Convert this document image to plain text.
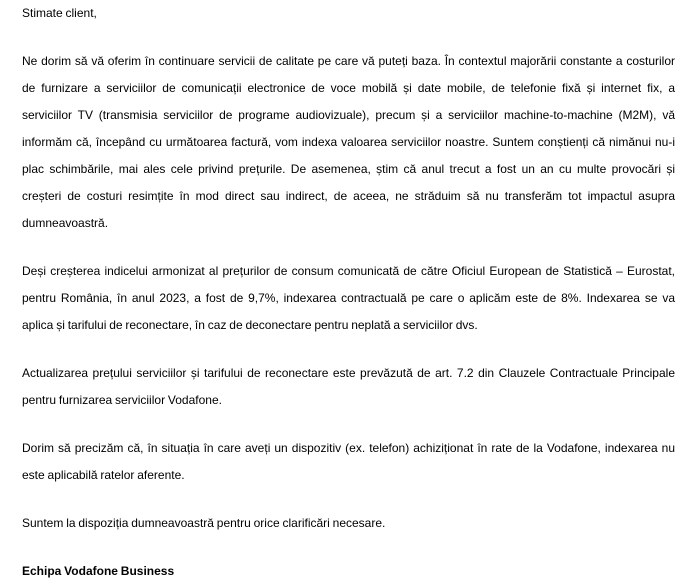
Stimate client,

Ne dorim să vă oferim în continuare servicii de calitate pe care vă puteți baza. În contextul majorării constante a costurilor
de furnizare a serviciilor de comunicații electronice de voce mobilă și date mobile, de telefonie fixă și internet fix, a
serviciilor TV (transmisia serviciilor de programe audiovizuale), precum și a serviciilor machine-to-machine (M2M), vă
informăm că, începând cu următoarea factură, vom indexa valoarea serviciilor noastre. Suntem conștienți că nimănui nu-i
plac schimbările, mai ales cele privind prețurile. De asemenea, știm că anul trecut a fost un an cu multe provocări și
creșteri de costuri resimțite în mod direct sau indirect, de aceea, ne străduim să nu transferăm tot impactul asupra
dumneavoastră.

Deși creșterea indicelui armonizat al prețurilor de consum comunicată de către Oficiul European de Statistică – Eurostat,
pentru România, în anul 2023, a fost de 9,7%, indexarea contractuală pe care o aplicăm este de 8%. Indexarea se va
aplica și tarifului de reconectare, în caz de deconectare pentru neplată a serviciilor dvs.

Actualizarea prețului serviciilor și tarifului de reconectare este prevăzută de art. 7.2 din Clauzele Contractuale Principale
pentru furnizarea serviciilor Vodafone.

Dorim să precizăm că, în situația în care aveți un dispozitiv (ex. telefon) achiziționat în rate de la Vodafone, indexarea nu
este aplicabilă ratelor aferente.

Suntem la dispoziția dumneavoastră pentru orice clarificări necesare.

Echipa Vodafone Business
